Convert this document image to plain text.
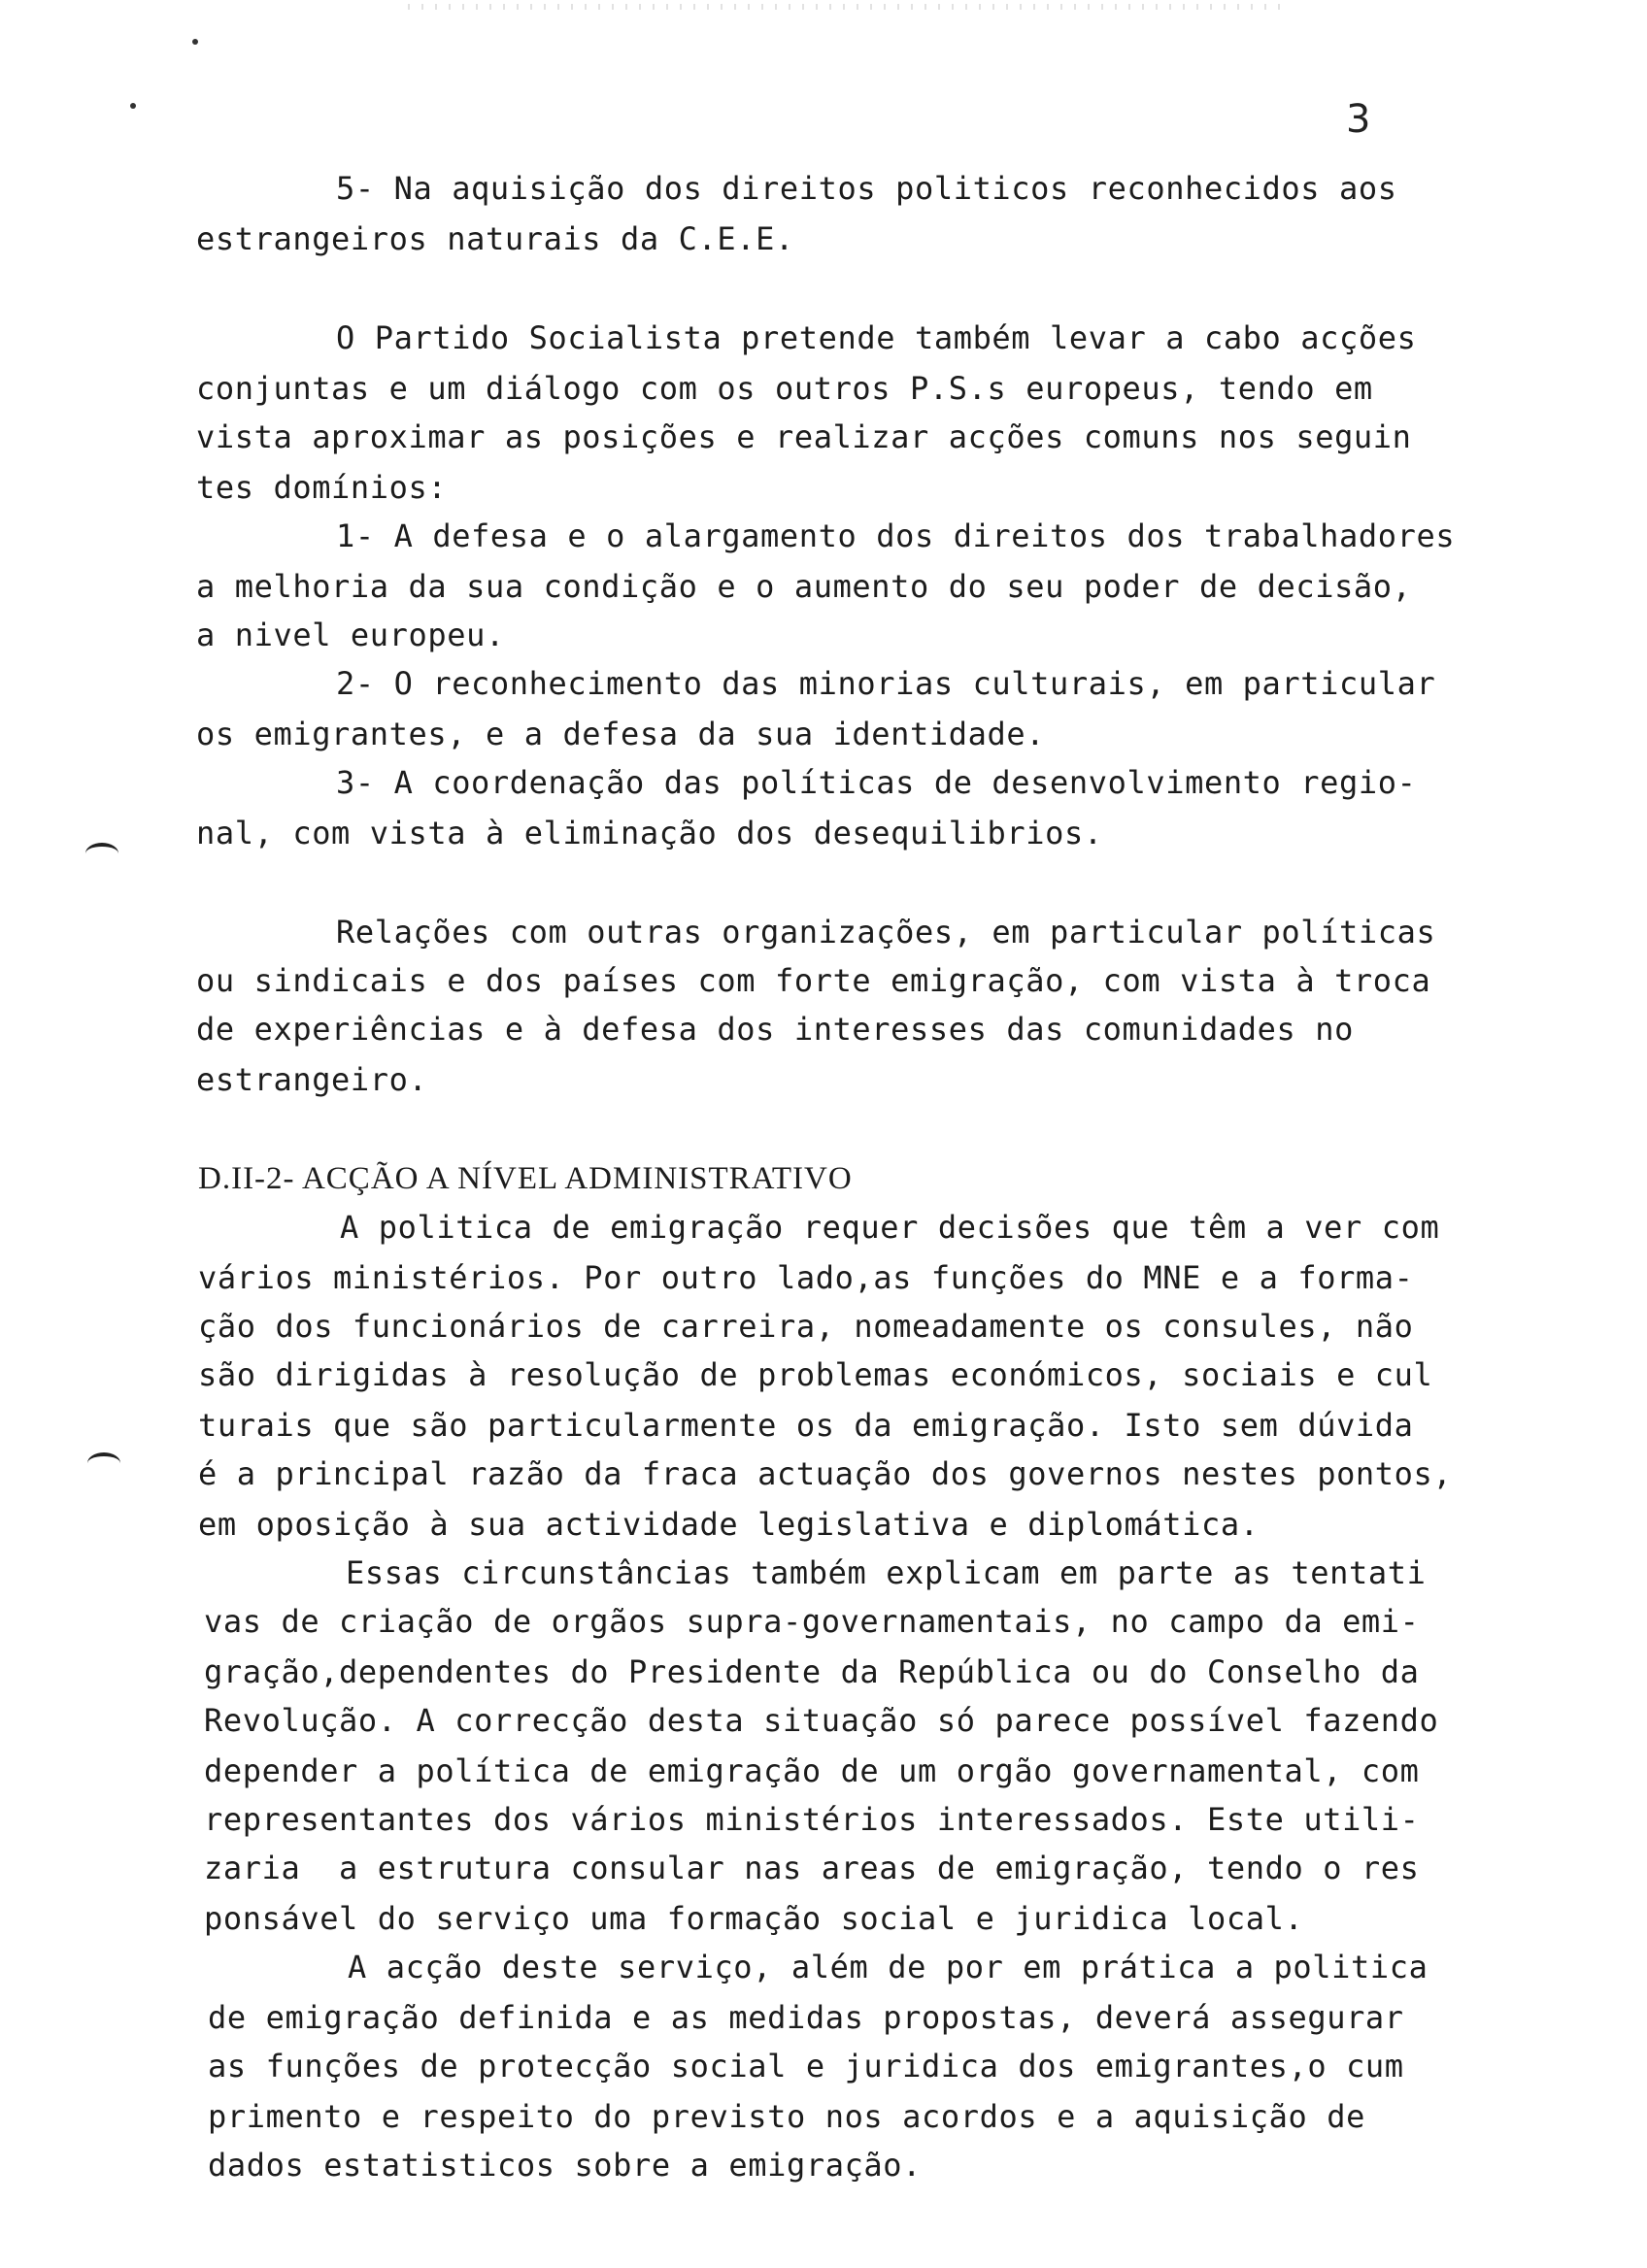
3
5- Na aquisição dos direitos politicos reconhecidos aos
estrangeiros naturais da C.E.E.
O Partido Socialista pretende também levar a cabo acções
conjuntas e um diálogo com os outros P.S.s europeus, tendo em
vista aproximar as posições e realizar acções comuns nos seguin
tes domínios:
1- A defesa e o alargamento dos direitos dos trabalhadores
a melhoria da sua condição e o aumento do seu poder de decisão,
a nivel europeu.
2- O reconhecimento das minorias culturais, em particular
os emigrantes, e a defesa da sua identidade.
3- A coordenação das políticas de desenvolvimento regio-
nal, com vista à eliminação dos desequilibrios.
Relações com outras organizações, em particular políticas
ou sindicais e dos países com forte emigração, com vista à troca
de experiências e à defesa dos interesses das comunidades no
estrangeiro.
D.II-2- ACÇÃO A NÍVEL ADMINISTRATIVO
A politica de emigração requer decisões que têm a ver com
vários ministérios. Por outro lado,as funções do MNE e a forma-
ção dos funcionários de carreira, nomeadamente os consules, não
são dirigidas à resolução de problemas económicos, sociais e cul
turais que são particularmente os da emigração. Isto sem dúvida
é a principal razão da fraca actuação dos governos nestes pontos,
em oposição à sua actividade legislativa e diplomática.
Essas circunstâncias também explicam em parte as tentati
vas de criação de orgãos supra-governamentais, no campo da emi-
gração,dependentes do Presidente da República ou do Conselho da
Revolução. A correcção desta situação só parece possível fazendo
depender a política de emigração de um orgão governamental, com
representantes dos vários ministérios interessados. Este utili-
zaria  a estrutura consular nas areas de emigração, tendo o res
ponsável do serviço uma formação social e juridica local.
A acção deste serviço, além de por em prática a politica
de emigração definida e as medidas propostas, deverá assegurar
as funções de protecção social e juridica dos emigrantes,o cum
primento e respeito do previsto nos acordos e a aquisição de
dados estatisticos sobre a emigração.
